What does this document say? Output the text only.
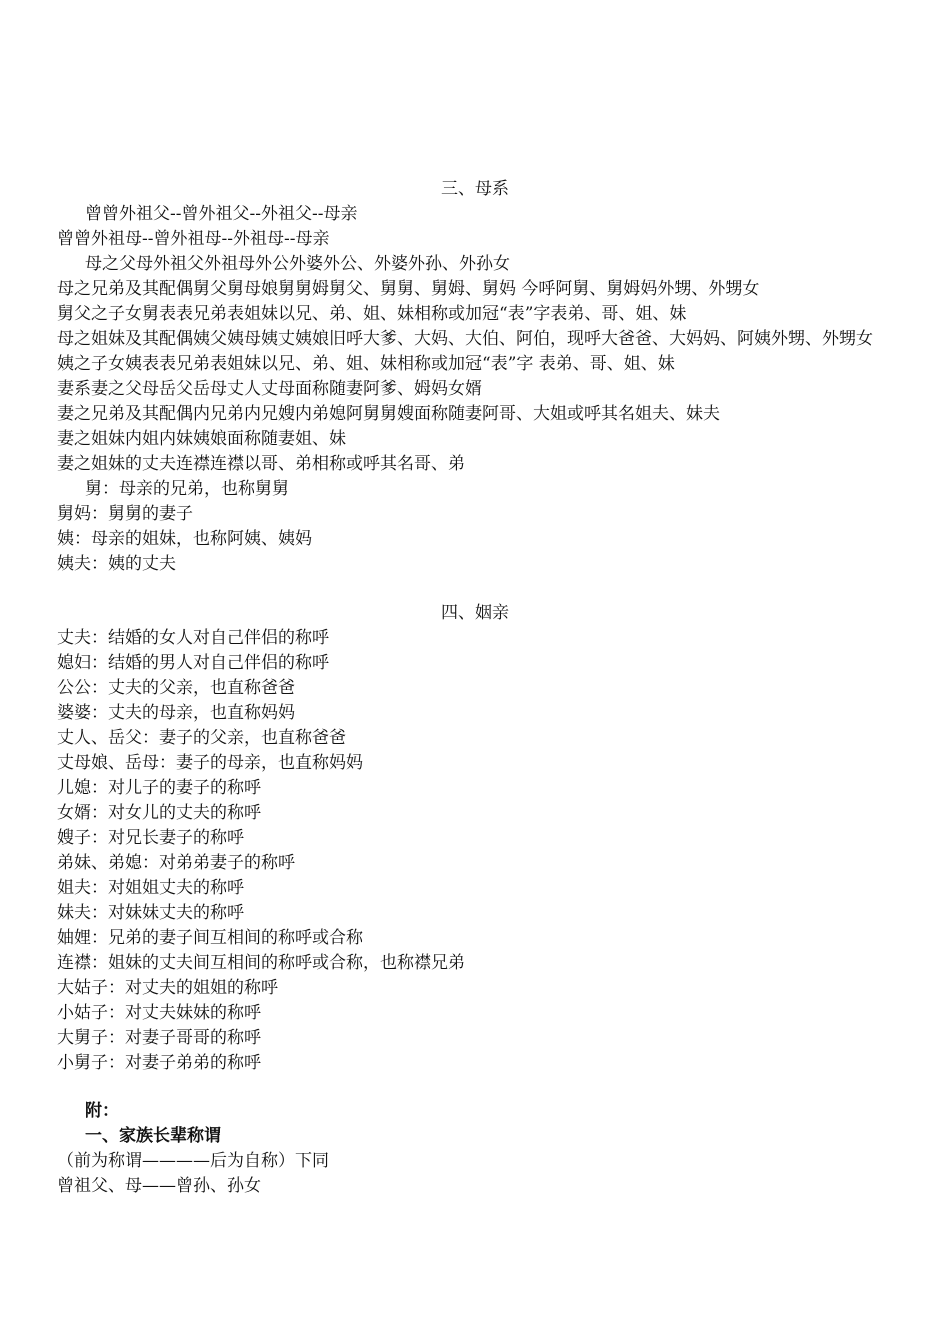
三、母系
曾曾外祖父--曾外祖父--外祖父--母亲
曾曾外祖母--曾外祖母--外祖母--母亲
母之父母外祖父外祖母外公外婆外公、外婆外孙、外孙女
母之兄弟及其配偶舅父舅母娘舅舅姆舅父、舅舅、舅姆、舅妈 今呼阿舅、舅姆妈外甥、外甥女
舅父之子女舅表表兄弟表姐妹以兄、弟、姐、妹相称或加冠“表”字表弟、哥、姐、妹
母之姐妹及其配偶姨父姨母姨丈姨娘旧呼大爹、大妈、大伯、阿伯，现呼大爸爸、大妈妈、阿姨外甥、外甥女
姨之子女姨表表兄弟表姐妹以兄、弟、姐、妹相称或加冠“表”字 表弟、哥、姐、妹
妻系妻之父母岳父岳母丈人丈母面称随妻阿爹、姆妈女婿
妻之兄弟及其配偶内兄弟内兄嫂内弟媳阿舅舅嫂面称随妻阿哥、大姐或呼其名姐夫、妹夫
妻之姐妹内姐内妹姨娘面称随妻姐、妹
妻之姐妹的丈夫连襟连襟以哥、弟相称或呼其名哥、弟
舅：母亲的兄弟，也称舅舅
舅妈：舅舅的妻子
姨：母亲的姐妹，也称阿姨、姨妈
姨夫：姨的丈夫
四、姻亲
丈夫：结婚的女人对自己伴侣的称呼
媳妇：结婚的男人对自己伴侣的称呼
公公：丈夫的父亲，也直称爸爸
婆婆：丈夫的母亲，也直称妈妈
丈人、岳父：妻子的父亲，也直称爸爸
丈母娘、岳母：妻子的母亲，也直称妈妈
儿媳：对儿子的妻子的称呼
女婿：对女儿的丈夫的称呼
嫂子：对兄长妻子的称呼
弟妹、弟媳：对弟弟妻子的称呼
姐夫：对姐姐丈夫的称呼
妹夫：对妹妹丈夫的称呼
妯娌：兄弟的妻子间互相间的称呼或合称
连襟：姐妹的丈夫间互相间的称呼或合称，也称襟兄弟
大姑子：对丈夫的姐姐的称呼
小姑子：对丈夫妹妹的称呼
大舅子：对妻子哥哥的称呼
小舅子：对妻子弟弟的称呼
附：
一、家族长辈称谓
（前为称谓————后为自称）下同
曾祖父、母——曾孙、孙女
